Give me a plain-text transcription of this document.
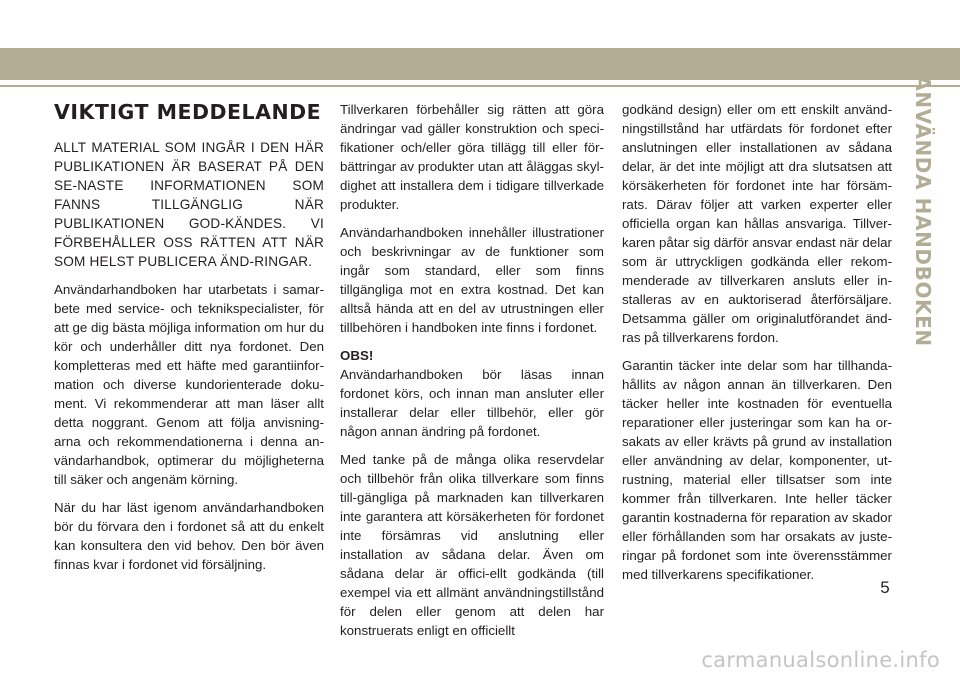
VIKTIGT MEDDELANDE

ALLT MATERIAL SOM INGÅR I DEN HÄR PUBLIKATIONEN ÄR BASERAT PÅ DEN SE-NASTE INFORMATIONEN SOM FANNS TILLGÄNGLIG NÄR PUBLIKATIONEN GOD-KÄNDES. VI FÖRBEHÅLLER OSS RÄTTEN ATT NÄR SOM HELST PUBLICERA ÄND-RINGAR.

Användarhandboken har utarbetats i samar-bete med service- och teknikspecialister, för att ge dig bästa möjliga information om hur du kör och underhåller ditt nya fordonet. Den kompletteras med ett häfte med garantiinfor-mation och diverse kundorienterade doku-ment. Vi rekommenderar att man läser allt detta noggrant. Genom att följa anvisning-arna och rekommendationerna i denna an-vändarhandbok, optimerar du möjligheterna till säker och angenäm körning.

När du har läst igenom användarhandboken bör du förvara den i fordonet så att du enkelt kan konsultera den vid behov. Den bör även finnas kvar i fordonet vid försäljning.

Tillverkaren förbehåller sig rätten att göra ändringar vad gäller konstruktion och speci-fikationer och/eller göra tillägg till eller för-bättringar av produkter utan att åläggas skyl-dighet att installera dem i tidigare tillverkade produkter.

Användarhandboken innehåller illustrationer och beskrivningar av de funktioner som ingår som standard, eller som finns tillgängliga mot en extra kostnad. Det kan alltså hända att en del av utrustningen eller tillbehören i handboken inte finns i fordonet.

OBS!
Användarhandboken bör läsas innan fordonet körs, och innan man ansluter eller installerar delar eller tillbehör, eller gör någon annan ändring på fordonet.

Med tanke på de många olika reservdelar och tillbehör från olika tillverkare som finns till-gängliga på marknaden kan tillverkaren inte garantera att körsäkerheten för fordonet inte försämras vid anslutning eller installation av sådana delar. Även om sådana delar är offici-ellt godkända (till exempel via ett allmänt användningstillstånd för delen eller genom att delen har konstruerats enligt en officiellt

godkänd design) eller om ett enskilt använd-ningstillstånd har utfärdats för fordonet efter anslutningen eller installationen av sådana delar, är det inte möjligt att dra slutsatsen att körsäkerheten för fordonet inte har försäm-rats. Därav följer att varken experter eller officiella organ kan hållas ansvariga. Tillver-karen påtar sig därför ansvar endast när delar som är uttryckligen godkända eller rekom-menderade av tillverkaren ansluts eller in-stalleras av en auktoriserad återförsäljare. Detsamma gäller om originalutförandet änd-ras på tillverkarens fordon.

Garantin täcker inte delar som har tillhanda-hållits av någon annan än tillverkaren. Den täcker heller inte kostnaden för eventuella reparationer eller justeringar som kan ha or-sakats av eller krävts på grund av installation eller användning av delar, komponenter, ut-rustning, material eller tillsatser som inte kommer från tillverkaren. Inte heller täcker garantin kostnaderna för reparation av skador eller förhållanden som har orsakats av juste-ringar på fordonet som inte överensstämmer med tillverkarens specifikationer.

ANVÄNDA HANDBOKEN
5
carmanualsonline.info
